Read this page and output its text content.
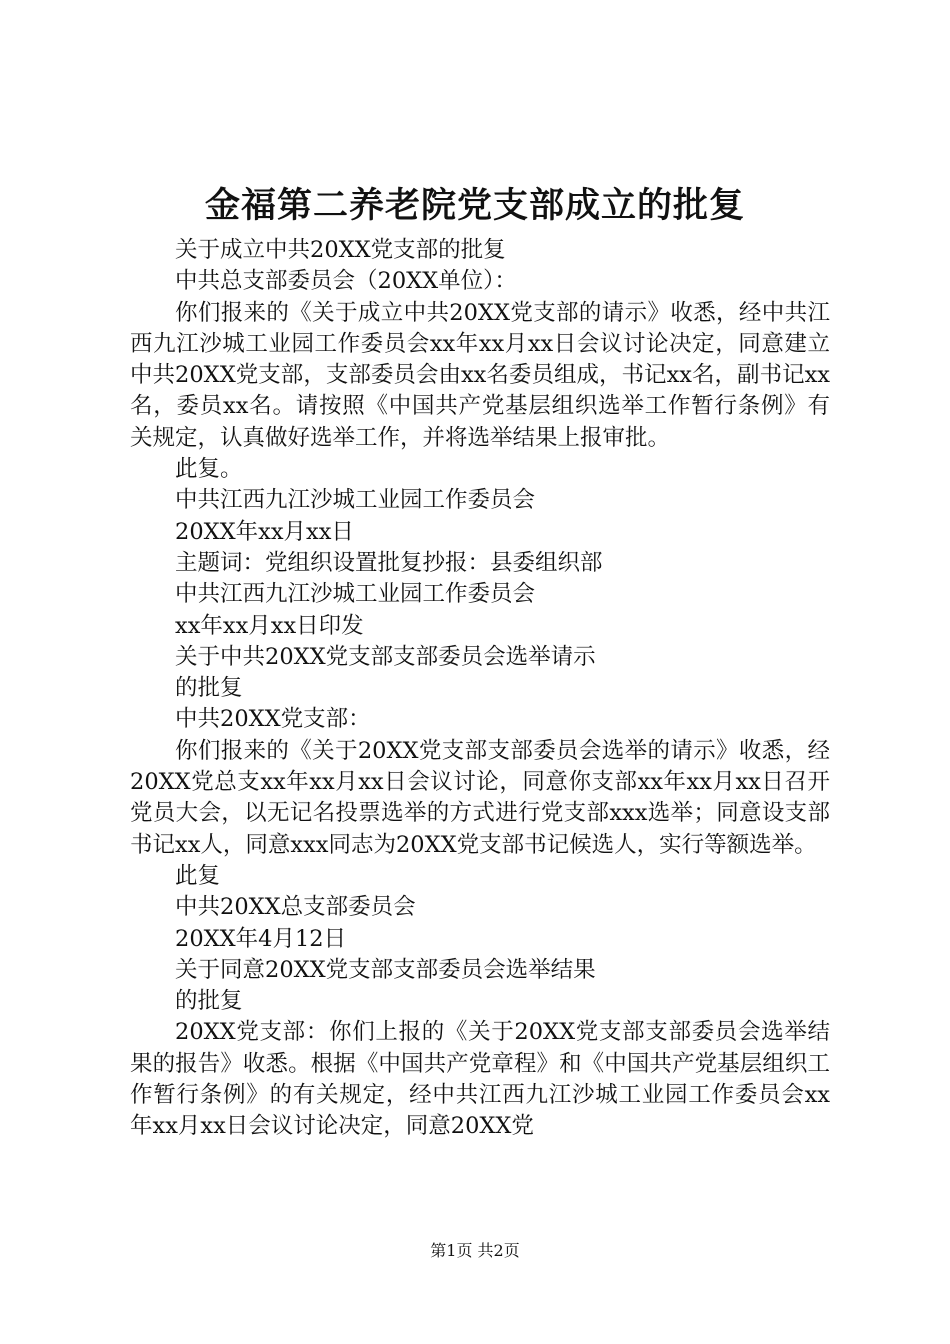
金福第二养老院党支部成立的批复

关于成立中共20XX党支部的批复

中共总支部委员会（20XX单位）：

你们报来的《关于成立中共20XX党支部的请示》收悉，经中共江西九江沙城工业园工作委员会xx年xx月xx日会议讨论决定，同意建立中共20XX党支部，支部委员会由xx名委员组成，书记xx名，副书记xx名，委员xx名。请按照《中国共产党基层组织选举工作暂行条例》有关规定，认真做好选举工作，并将选举结果上报审批。

此复。

中共江西九江沙城工业园工作委员会

20XX年xx月xx日

主题词：党组织设置批复抄报：县委组织部

中共江西九江沙城工业园工作委员会

xx年xx月xx日印发

关于中共20XX党支部支部委员会选举请示

的批复

中共20XX党支部：

你们报来的《关于20XX党支部支部委员会选举的请示》收悉，经20XX党总支xx年xx月xx日会议讨论，同意你支部xx年xx月xx日召开党员大会，以无记名投票选举的方式进行党支部xxx选举；同意设支部书记xx人，同意xxx同志为20XX党支部书记候选人，实行等额选举。

此复

中共20XX总支部委员会

20XX年4月12日

关于同意20XX党支部支部委员会选举结果

的批复

20XX党支部：你们上报的《关于20XX党支部支部委员会选举结果的报告》收悉。根据《中国共产党章程》和《中国共产党基层组织工作暂行条例》的有关规定，经中共江西九江沙城工业园工作委员会xx年xx月xx日会议讨论决定，同意20XX党

第1页 共2页
